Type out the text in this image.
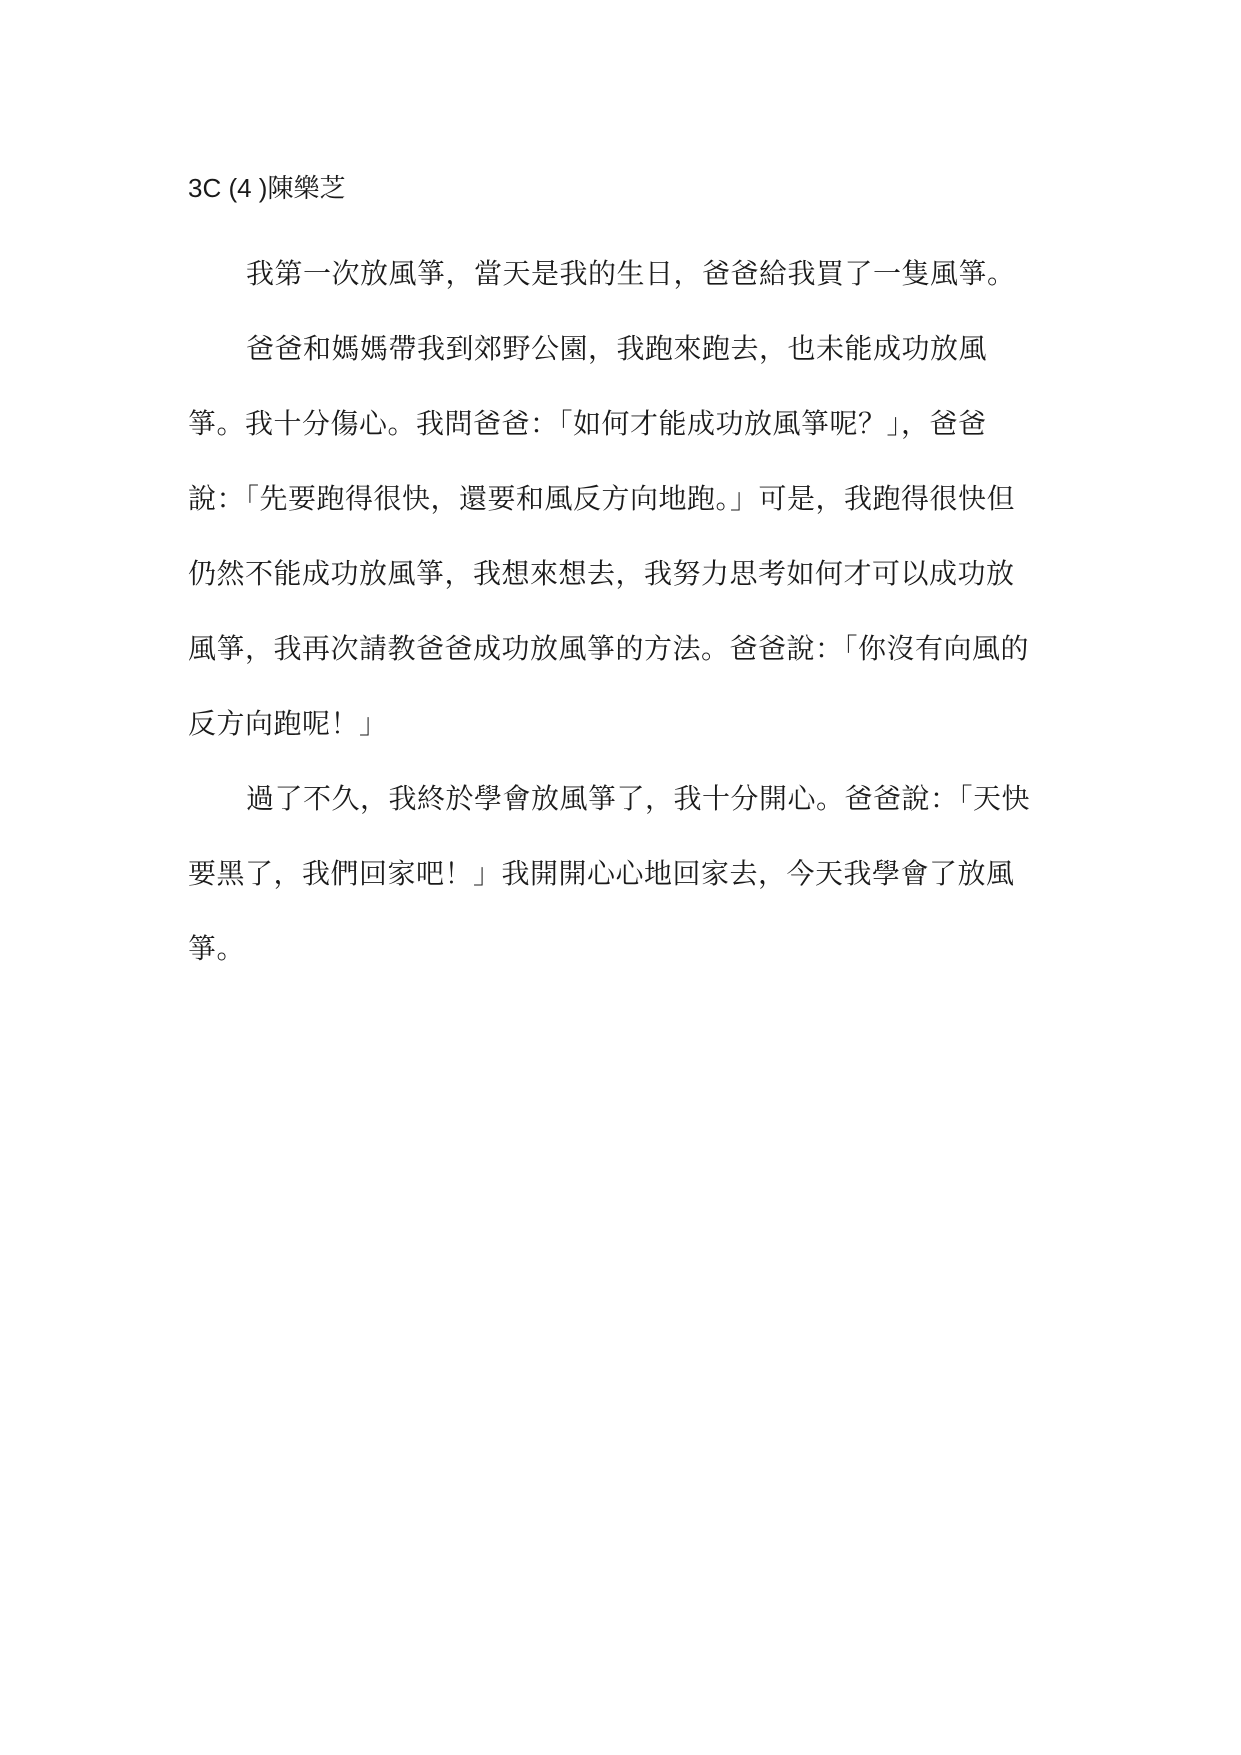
3C (4 )陳樂芝

我第一次放風箏，當天是我的生日，爸爸給我買了一隻風箏。

爸爸和媽媽帶我到郊野公園，我跑來跑去，也未能成功放風
箏。我十分傷心。我問爸爸：「如何才能成功放風箏呢？」，爸爸
說：「先要跑得很快，還要和風反方向地跑。」可是，我跑得很快但
仍然不能成功放風箏，我想來想去，我努力思考如何才可以成功放
風箏，我再次請教爸爸成功放風箏的方法。爸爸說：「你沒有向風的
反方向跑呢！」

過了不久，我終於學會放風箏了，我十分開心。爸爸說：「天快
要黑了，我們回家吧！」我開開心心地回家去，今天我學會了放風
箏。
